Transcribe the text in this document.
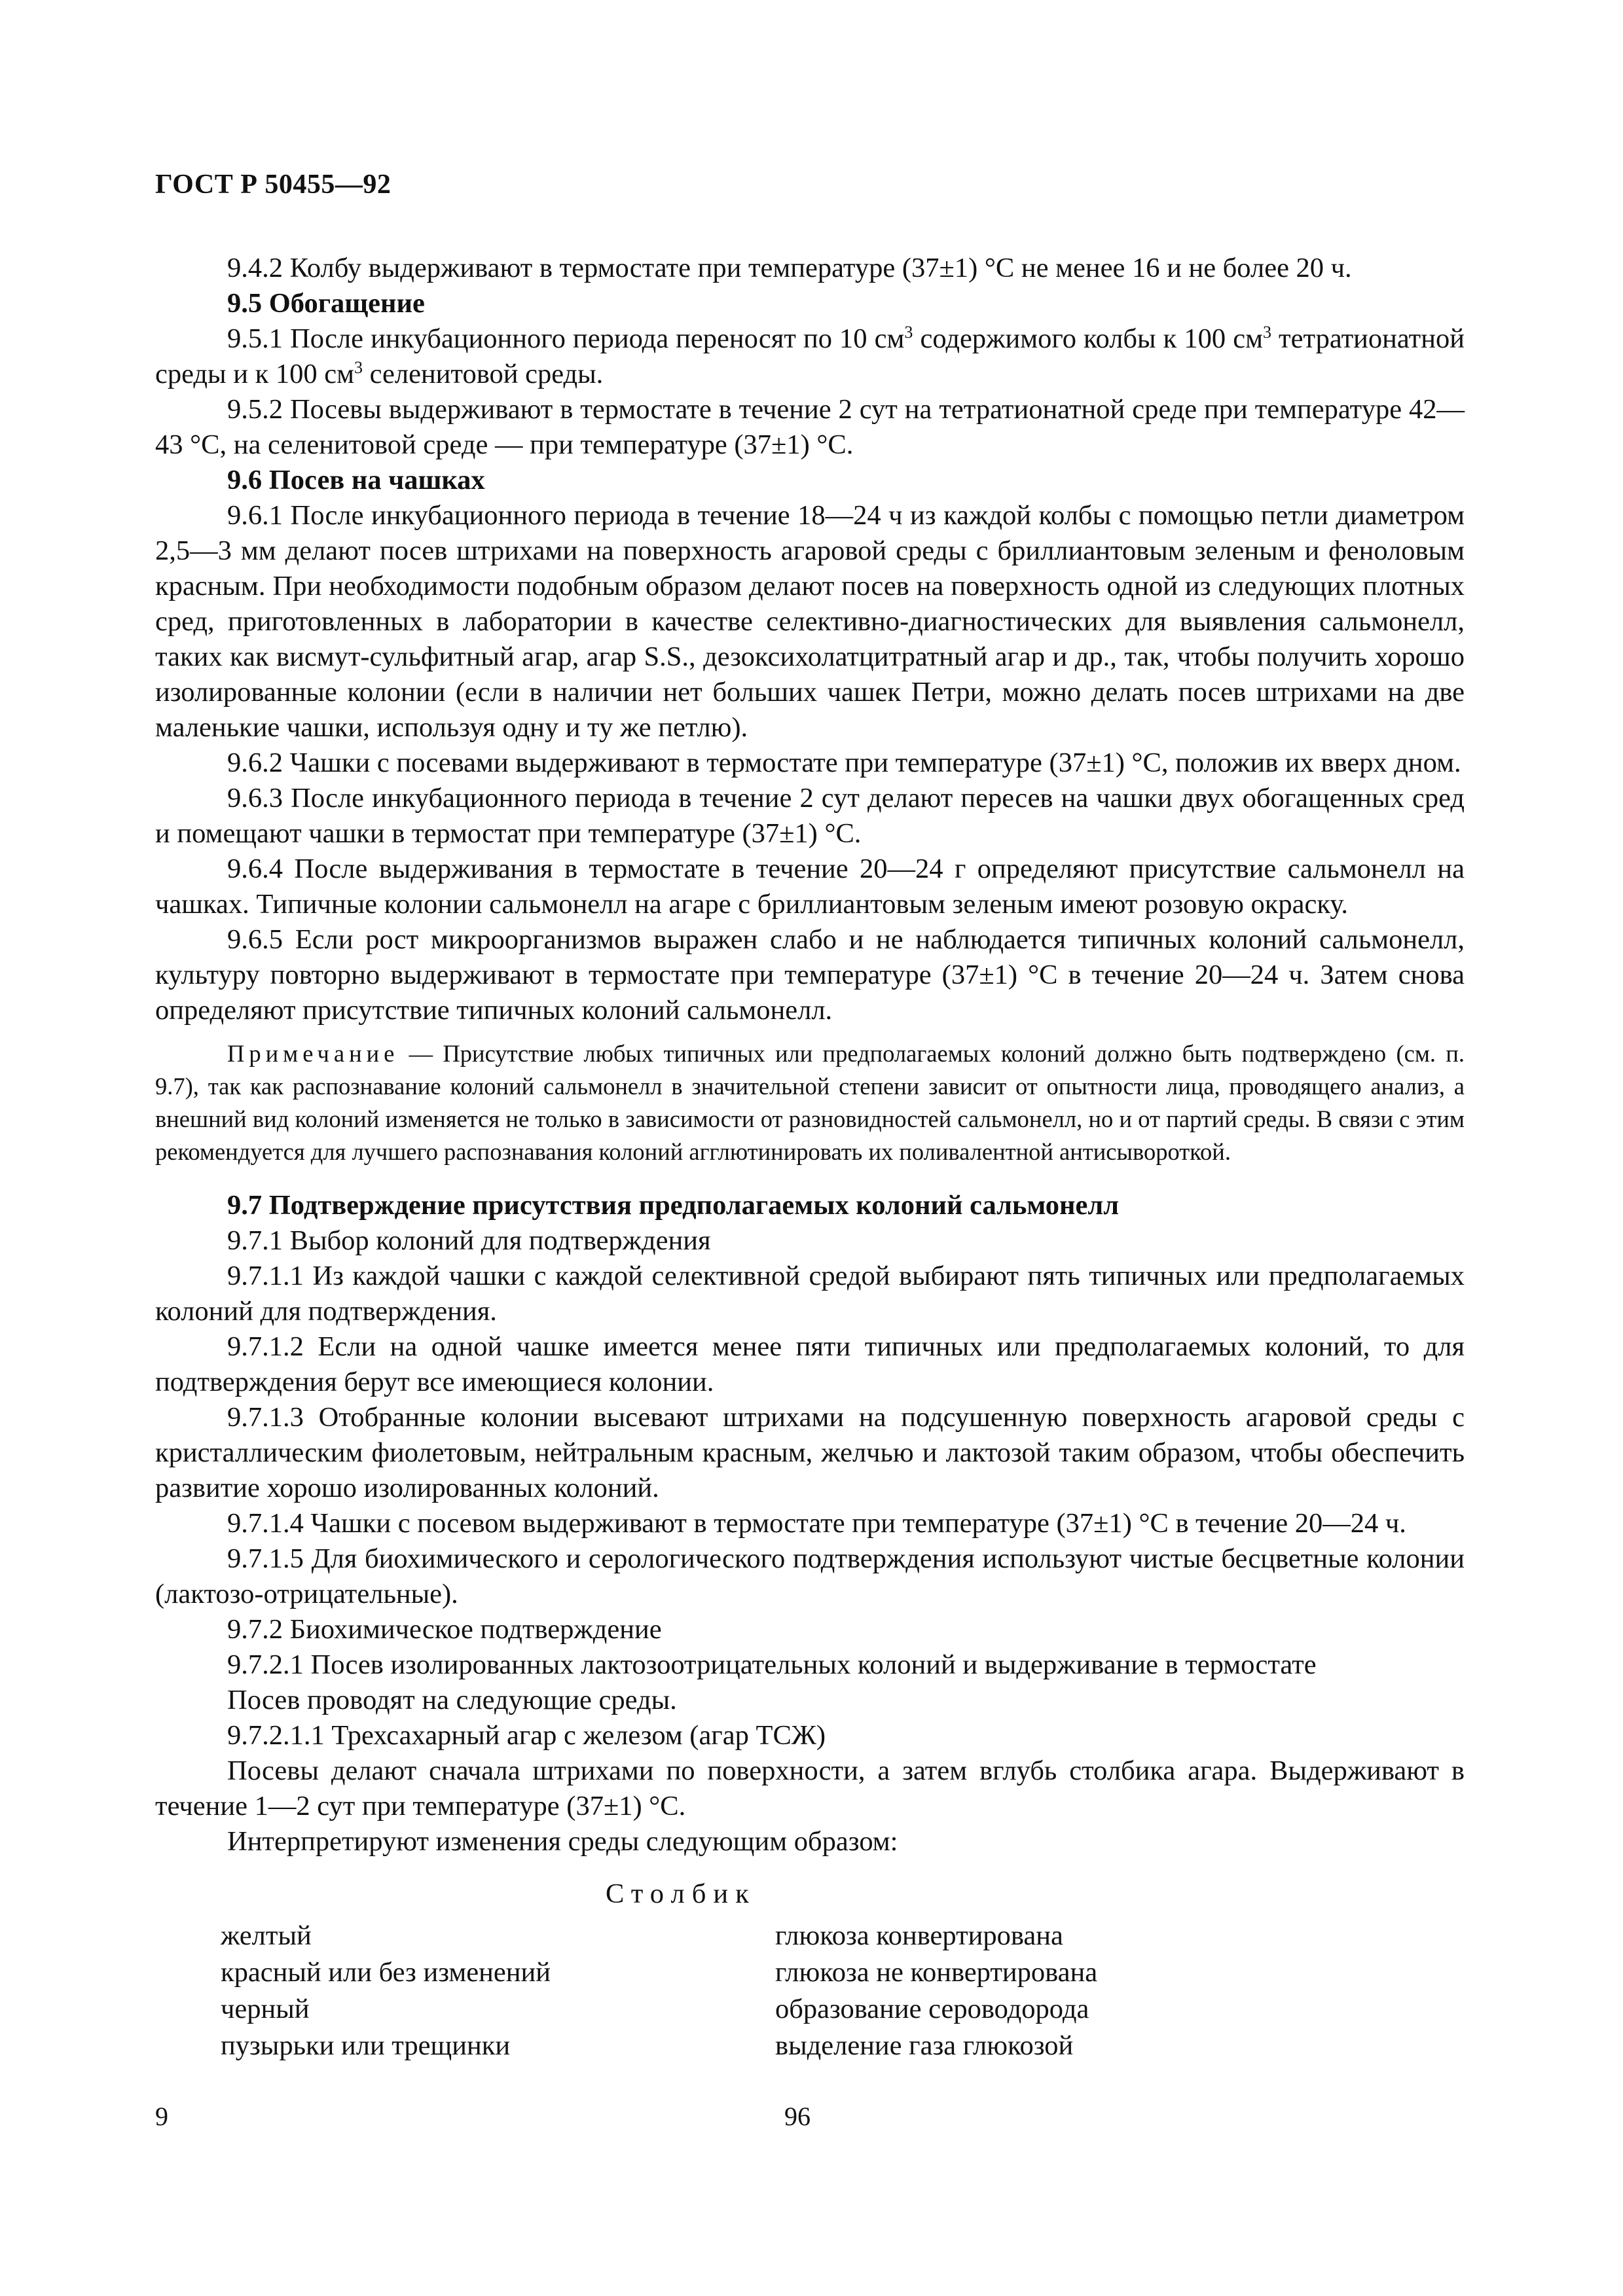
ГОСТ Р 50455—92

9.4.2 Колбу выдерживают в термостате при температуре (37±1) °С не менее 16 и не более 20 ч.

9.5 Обогащение

9.5.1 После инкубационного периода переносят по 10 $см^3$ содержимого колбы к 100 $см^3$ тетратионатной среды и к 100 $см^3$ селенитовой среды.

9.5.2 Посевы выдерживают в термостате в течение 2 сут на тетратионатной среде при температуре 42—43 °С, на селенитовой среде — при температуре (37±1) °С.

9.6 Посев на чашках

9.6.1 После инкубационного периода в течение 18—24 ч из каждой колбы с помощью петли диаметром 2,5—3 мм делают посев штрихами на поверхность агаровой среды с бриллиантовым зеленым и феноловым красным. При необходимости подобным образом делают посев на поверхность одной из следующих плотных сред, приготовленных в лаборатории в качестве селективно-диагностических для выявления сальмонелл, таких как висмут-сульфитный агар, агар S.S., дезоксихолатцитратный агар и др., так, чтобы получить хорошо изолированные колонии (если в наличии нет больших чашек Петри, можно делать посев штрихами на две маленькие чашки, используя одну и ту же петлю).

9.6.2 Чашки с посевами выдерживают в термостате при температуре (37±1) °С, положив их вверх дном.

9.6.3 После инкубационного периода в течение 2 сут делают пересев на чашки двух обогащенных сред и помещают чашки в термостат при температуре (37±1) °С.

9.6.4 После выдерживания в термостате в течение 20—24 г определяют присутствие сальмонелл на чашках. Типичные колонии сальмонелл на агаре с бриллиантовым зеленым имеют розовую окраску.

9.6.5 Если рост микроорганизмов выражен слабо и не наблюдается типичных колоний сальмонелл, культуру повторно выдерживают в термостате при температуре (37±1) °С в течение 20—24 ч. Затем снова определяют присутствие типичных колоний сальмонелл.

Примечание — Присутствие любых типичных или предполагаемых колоний должно быть подтверждено (см. п. 9.7), так как распознавание колоний сальмонелл в значительной степени зависит от опытности лица, проводящего анализ, а внешний вид колоний изменяется не только в зависимости от разновидностей сальмонелл, но и от партий среды. В связи с этим рекомендуется для лучшего распознавания колоний агглютинировать их поливалентной антисывороткой.

9.7 Подтверждение присутствия предполагаемых колоний сальмонелл

9.7.1 Выбор колоний для подтверждения

9.7.1.1 Из каждой чашки с каждой селективной средой выбирают пять типичных или предполагаемых колоний для подтверждения.

9.7.1.2 Если на одной чашке имеется менее пяти типичных или предполагаемых колоний, то для подтверждения берут все имеющиеся колонии.

9.7.1.3 Отобранные колонии высевают штрихами на подсушенную поверхность агаровой среды с кристаллическим фиолетовым, нейтральным красным, желчью и лактозой таким образом, чтобы обеспечить развитие хорошо изолированных колоний.

9.7.1.4 Чашки с посевом выдерживают в термостате при температуре (37±1) °С в течение 20—24 ч.

9.7.1.5 Для биохимического и серологического подтверждения используют чистые бесцветные колонии (лактозо-отрицательные).

9.7.2 Биохимическое подтверждение

9.7.2.1 Посев изолированных лактозоотрицательных колоний и выдерживание в термостате

Посев проводят на следующие среды.

9.7.2.1.1 Трехсахарный агар с железом (агар ТСЖ)

Посевы делают сначала штрихами по поверхности, а затем вглубь столбика агара. Выдерживают в течение 1—2 сут при температуре (37±1) °С.

Интерпретируют изменения среды следующим образом:

Столбик
желтый	глюкоза конвертирована
красный или без изменений	глюкоза не конвертирована
черный	образование сероводорода
пузырьки или трещинки	выделение газа глюкозой
9	96
